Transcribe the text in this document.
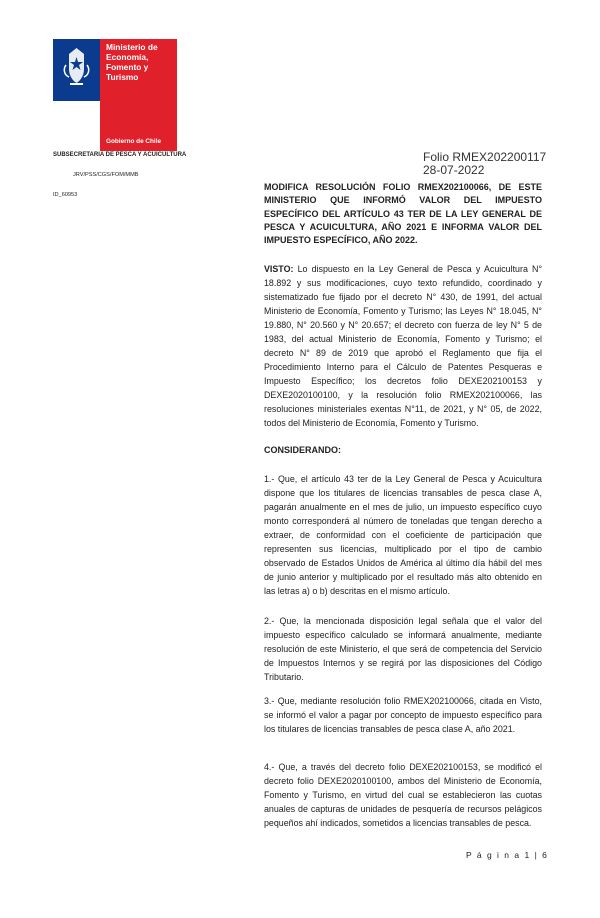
Ministerio de Economía, Fomento y Turismo
Gobierno de Chile
SUBSECRETARIA DE PESCA Y ACUICULTURA
JRV/PSS/CGS/FOM/MMB
ID_60953
Folio RMEX202200117
28-07-2022
MODIFICA RESOLUCIÓN FOLIO RMEX202100066, DE ESTE MINISTERIO QUE INFORMÓ VALOR DEL IMPUESTO ESPECÍFICO DEL ARTÍCULO 43 TER DE LA LEY GENERAL DE PESCA Y ACUICULTURA, AÑO 2021 E INFORMA VALOR DEL IMPUESTO ESPECÍFICO, AÑO 2022.
VISTO: Lo dispuesto en la Ley General de Pesca y Acuicultura N° 18.892 y sus modificaciones, cuyo texto refundido, coordinado y sistematizado fue fijado por el decreto N° 430, de 1991, del actual Ministerio de Economía, Fomento y Turismo; las Leyes N° 18.045, N° 19.880, N° 20.560 y N° 20.657; el decreto con fuerza de ley N° 5 de 1983, del actual Ministerio de Economía, Fomento y Turismo; el decreto N° 89 de 2019 que aprobó el Reglamento que fija el Procedimiento Interno para el Cálculo de Patentes Pesqueras e Impuesto Específico; los decretos folio DEXE202100153 y DEXE2020100100, y la resolución folio RMEX202100066, las resoluciones ministeriales exentas N°11, de 2021, y N° 05, de 2022, todos del Ministerio de Economía, Fomento y Turismo.
CONSIDERANDO:
1.- Que, el artículo 43 ter de la Ley General de Pesca y Acuicultura dispone que los titulares de licencias transables de pesca clase A, pagarán anualmente en el mes de julio, un impuesto específico cuyo monto corresponderá al número de toneladas que tengan derecho a extraer, de conformidad con el coeficiente de participación que representen sus licencias, multiplicado por el tipo de cambio observado de Estados Unidos de América al último día hábil del mes de junio anterior y multiplicado por el resultado más alto obtenido en las letras a) o b) descritas en el mismo artículo.
2.- Que, la mencionada disposición legal señala que el valor del impuesto específico calculado se informará anualmente, mediante resolución de este Ministerio, el que será de competencia del Servicio de Impuestos Internos y se regirá por las disposiciones del Código Tributario.
3.- Que, mediante resolución folio RMEX202100066, citada en Visto, se informó el valor a pagar por concepto de impuesto específico para los titulares de licencias transables de pesca clase A, año 2021.
4.- Que, a través del decreto folio DEXE202100153, se modificó el decreto folio DEXE2020100100, ambos del Ministerio de Economía, Fomento y Turismo, en virtud del cual se establecieron las cuotas anuales de capturas de unidades de pesquería de recursos pelágicos pequeños ahí indicados, sometidos a licencias transables de pesca.
P á g i n a 1 | 6
